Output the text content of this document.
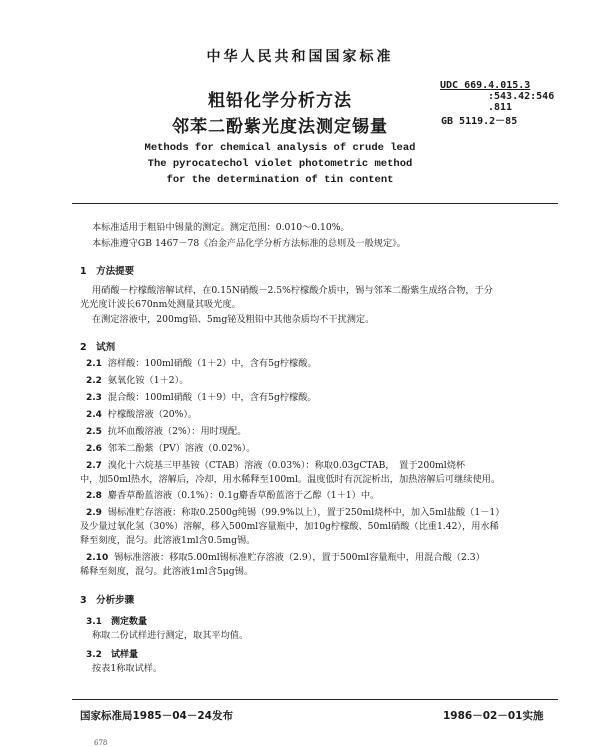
中华人民共和国国家标准
粗铅化学分析方法
邻苯二酚紫光度法测定锡量
UDC 669.4.015.3
:543.42:546
.811
GB 5119.2－85
Methods for chemical analysis of crude lead
The pyrocatechol violet photometric method
for the determination of tin content
本标准适用于粗铅中锡量的测定。测定范围：0.010～0.10%。
本标准遵守GB 1467－78《冶金产品化学分析方法标准的总则及一般规定》。
1　方法提要
用硝酸－柠檬酸溶解试样，在0.15N硝酸－2.5%柠檬酸介质中，锡与邻苯二酚紫生成络合物，于分
光光度计波长670nm处测量其吸光度。
在测定溶液中，200mg铅、5mg铋及粗铅中其他杂质均不干扰测定。
2　试剂
2.1 溶样酸：100ml硝酸（1＋2）中，含有5g柠檬酸。
2.2 氨氧化铵（1＋2）。
2.3 混合酸：100ml硝酸（1＋9）中，含有5g柠檬酸。
2.4 柠檬酸溶液（20%）。
2.5 抗坏血酸溶液（2%）：用时现配。
2.6 邻苯二酚紫（PV）溶液（0.02%）。
2.7 溴化十六烷基三甲基铵（CTAB）溶液（0.03%）：称取0.03gCTAB，　置于200ml烧杯
中，加50ml热水，溶解后，冷却，用水稀释至100ml。温度低时有沉淀析出，加热溶解后可继续使用。
2.8 麝香草酚蓝溶液（0.1%）：0.1g麝香草酚蓝溶于乙醇（1＋1）中。
2.9 锡标准贮存溶液：称取0.2500g纯锡（99.9%以上），置于250ml烧杯中，加入5ml盐酸（1－1）
及少量过氧化氢（30%）溶解，移入500ml容量瓶中，加10g柠檬酸、50ml硝酸（比重1.42），用水稀
释至刻度，混匀。此溶液1ml含0.5mg锡。
2.10 锡标准溶液：移取5.00ml锡标准贮存溶液（2.9），置于500ml容量瓶中，用混合酸（2.3）
稀释至刻度，混匀。此溶液1ml含5μg锡。
3　分析步骤
3.1　测定数量
称取二份试样进行测定，取其平均值。
3.2　试样量
按表1称取试样。
国家标准局1985－04－24发布	1986－02－01实施
678
